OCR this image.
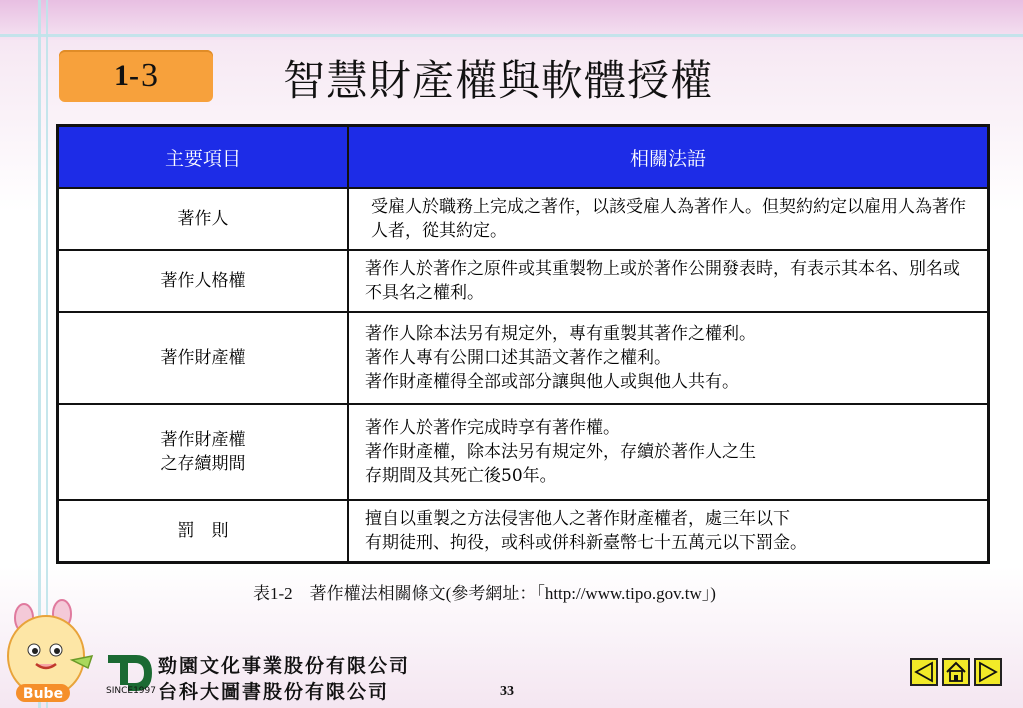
1- 3	智慧財產權與軟體授權
主要項目	相關法語

著作人	受雇人於職務上完成之著作，以該受雇人為著作人。但契約約定以雇用人為著作人者，從其約定。

著作人格權	著作人於著作之原件或其重製物上或於著作公開發表時，有表示其本名、別名或不具名之權利。

著作財產權	著作人除本法另有規定外，專有重製其著作之權利。
著作人專有公開口述其語文著作之權利。
著作財產權得全部或部分讓與他人或與他人共有。

著作財產權
之存續期間	著作人於著作完成時享有著作權。
著作財產權，除本法另有規定外，存續於著作人之生
存期間及其死亡後50年。

罰　則	擅自以重製之方法侵害他人之著作財產權者，處三年以下
有期徒刑、拘役，或科或併科新臺幣七十五萬元以下罰金。
表1-2　著作權法相關條文(參考網址：「http://www.tipo.gov.tw」)
Bube	SINCE1997
勁園文化事業股份有限公司
台科大圖書股份有限公司	33
